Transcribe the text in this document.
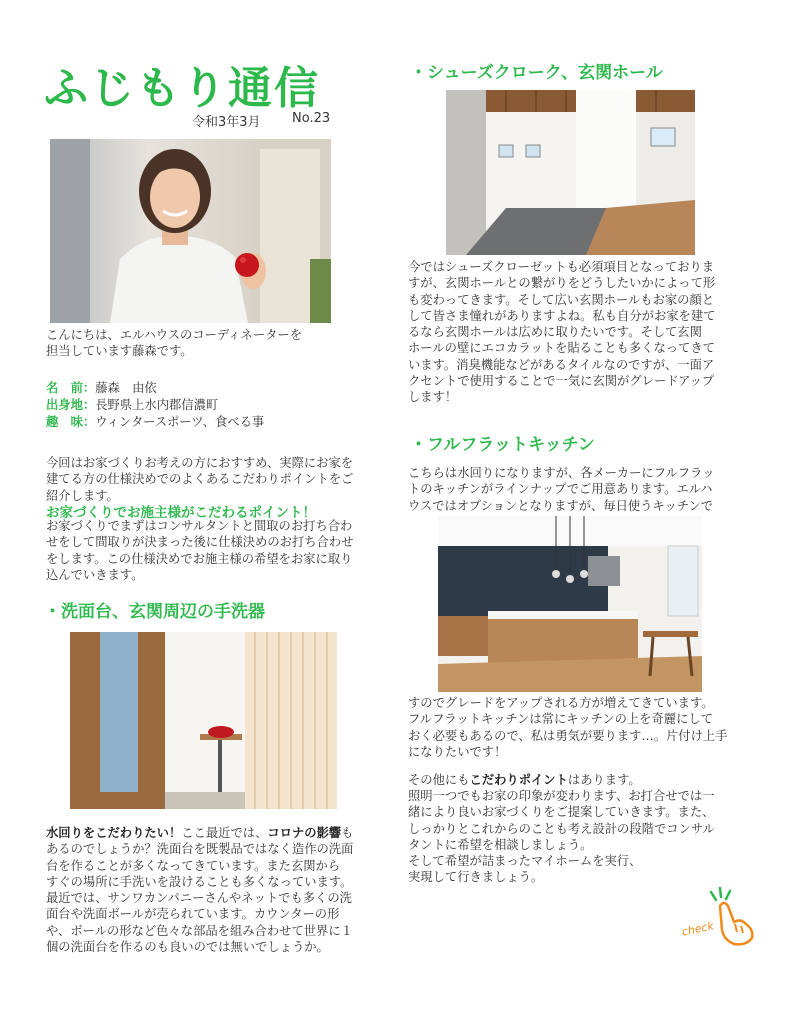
ふじもり通信
令和3年3月 No.23
こんにちは、エルハウスのコーディネーターを
担当しています藤森です。
名　前：藤森　由依
出身地：長野県上水内郡信濃町
趣　味：ウィンタースポーツ、食べる事
今回はお家づくりお考えの方におすすめ、実際にお家を
建てる方の仕様決めでのよくあるこだわりポイントをご
紹介します。
お家づくりでお施主様がこだわるポイント！
お家づくりでまずはコンサルタントと間取のお打ち合わ
せをして間取りが決まった後に仕様決めのお打ち合わせ
をします。この仕様決めでお施主様の希望をお家に取り
込んでいきます。
・洗面台、玄関周辺の手洗器
水回りをこだわりたい！ここ最近では、コロナの影響も
あるのでしょうか？洗面台を既製品ではなく造作の洗面
台を作ることが多くなってきています。また玄関から
すぐの場所に手洗いを設けることも多くなっています。
最近では、サンワカンパニーさんやネットでも多くの洗
面台や洗面ボールが売られています。カウンターの形
や、ボールの形など色々な部品を組み合わせて世界に１
個の洗面台を作るのも良いのでは無いでしょうか。
・シューズクローク、玄関ホール
今ではシューズクローゼットも必須項目となっておりま
すが、玄関ホールとの繋がりをどうしたいかによって形
も変わってきます。そして広い玄関ホールもお家の顔と
して皆さま憧れがありますよね。私も自分がお家を建て
るなら玄関ホールは広めに取りたいです。そして玄関
ホールの壁にエコカラットを貼ることも多くなってきて
います。消臭機能などがあるタイルなのですが、一面ア
クセントで使用することで一気に玄関がグレードアップ
します！
・フルフラットキッチン
こちらは水回りになりますが、各メーカーにフルフラッ
トのキッチンがラインナップでご用意あります。エルハ
ウスではオプションとなりますが、毎日使うキッチンで
すのでグレードをアップされる方が増えてきています。
フルフラットキッチンは常にキッチンの上を奇麗にして
おく必要もあるので、私は勇気が要ります…。片付け上手
になりたいです！
その他にもこだわりポイントはあります。
照明一つでもお家の印象が変わります、お打合せでは一
緒により良いお家づくりをご提案していきます。また、
しっかりとこれからのことも考え設計の段階でコンサル
タントに希望を相談しましょう。
そして希望が詰まったマイホームを実行、
実現して行きましょう。
check
